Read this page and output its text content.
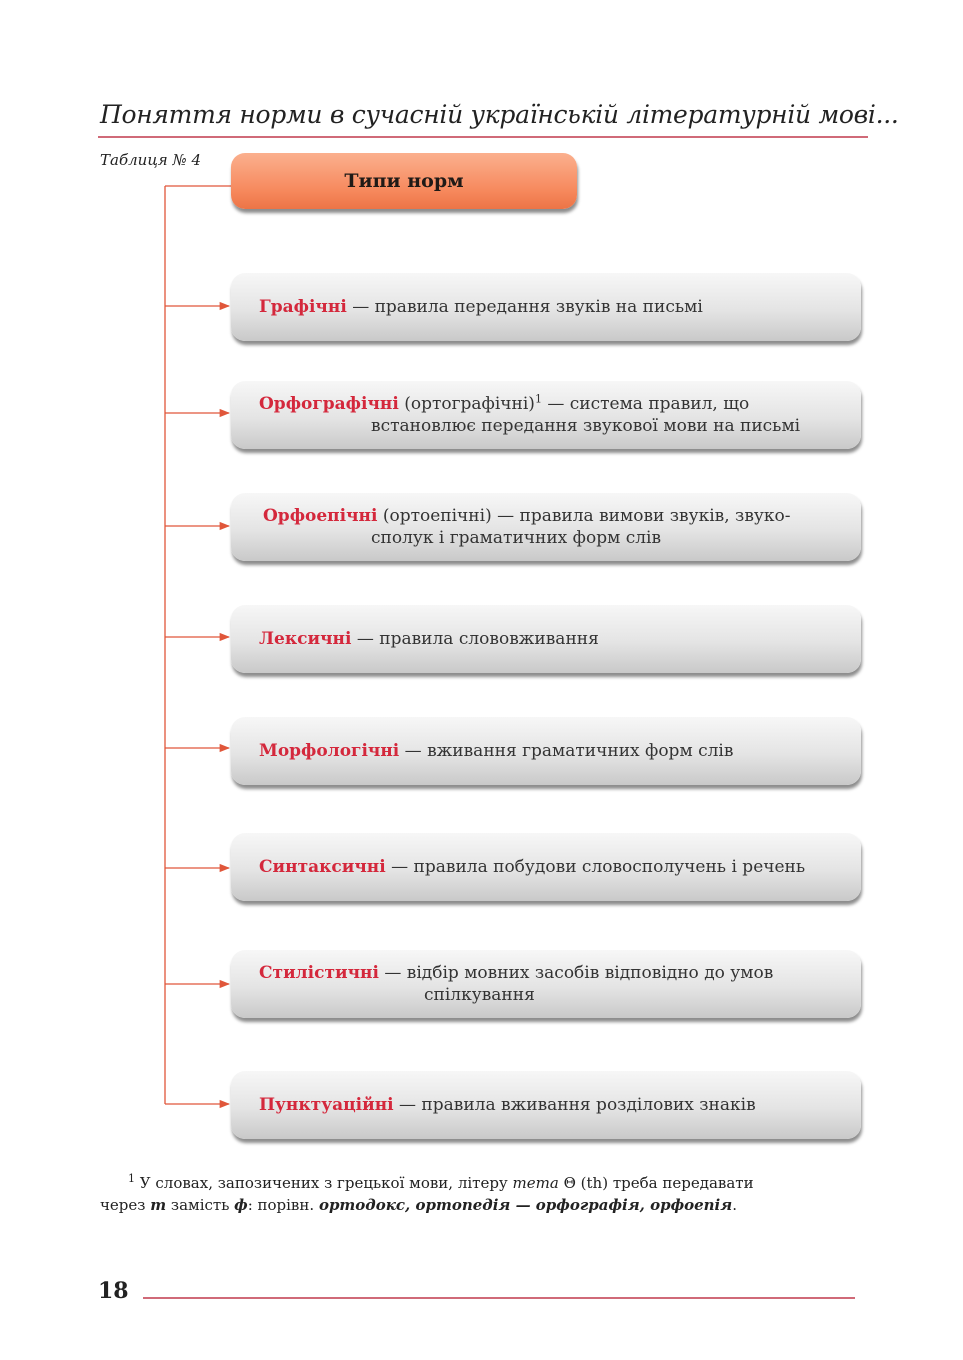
Поняття норми в сучасній українській літературній мові...
Таблиця № 4
Типи норм
Графічні — правила передання звуків на письмі
Орфографічні (ортографічні)$^1$ — система правил, що
встановлює передання звукової мови на письмі
Орфоепічні (ортоепічні) — правила вимови звуків, звуко-
сполук і граматичних форм слів
Лексичні — правила слововживання
Морфологічні — вживання граматичних форм слів
Синтаксичні — правила побудови словосполучень і речень
Стилістичні — відбір мовних засобів відповідно до умов
спілкування
Пунктуаційні — правила вживання розділових знаків
$^1$ У словах, запозичених з грецької мови, літеру тета Θ (th) треба передавати
через т замість ф: порівн. ортодокс, ортопедія — орфографія, орфоепія.
18
